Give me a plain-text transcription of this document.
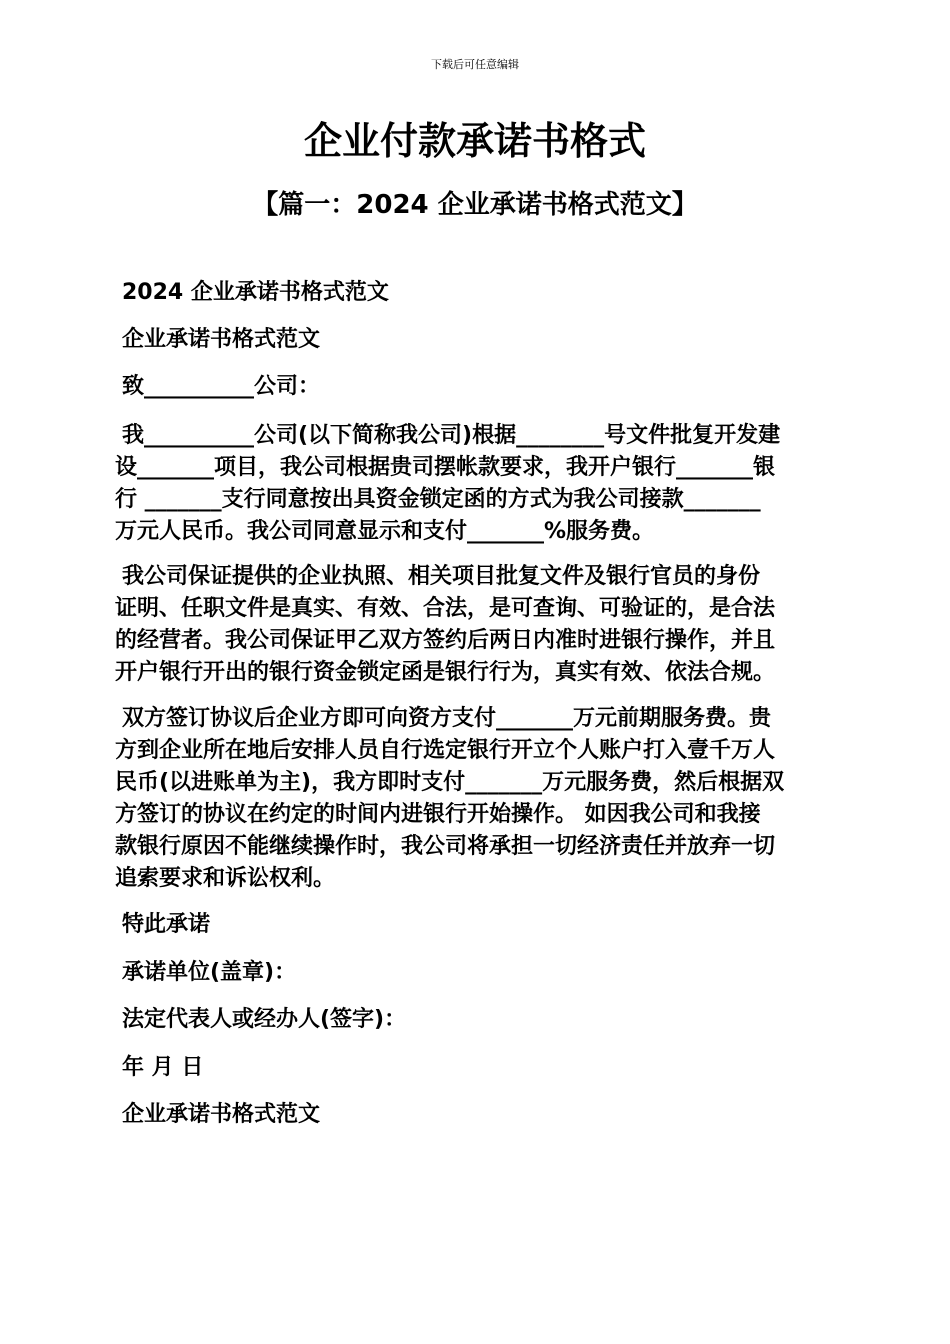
下载后可任意编辑
企业付款承诺书格式
【篇一：2024 企业承诺书格式范文】
2024 企业承诺书格式范文
企业承诺书格式范文
致__________公司：
我__________公司(以下简称我公司)根据________号文件批复开发建
设_______项目，我公司根据贵司摆帐款要求，我开户银行_______银
行 _______支行同意按出具资金锁定函的方式为我公司接款_______
万元人民币。我公司同意显示和支付_______%服务费。
我公司保证提供的企业执照、相关项目批复文件及银行官员的身份
证明、任职文件是真实、有效、合法，是可查询、可验证的，是合法
的经营者。我公司保证甲乙双方签约后两日内准时进银行操作，并且
开户银行开出的银行资金锁定函是银行行为，真实有效、依法合规。
双方签订协议后企业方即可向资方支付_______万元前期服务费。贵
方到企业所在地后安排人员自行选定银行开立个人账户打入壹千万人
民币(以进账单为主)，我方即时支付_______万元服务费，然后根据双
方签订的协议在约定的时间内进银行开始操作。 如因我公司和我接
款银行原因不能继续操作时，我公司将承担一切经济责任并放弃一切
追索要求和诉讼权利。
特此承诺
承诺单位(盖章)：
法定代表人或经办人(签字)：
年 月 日
企业承诺书格式范文
